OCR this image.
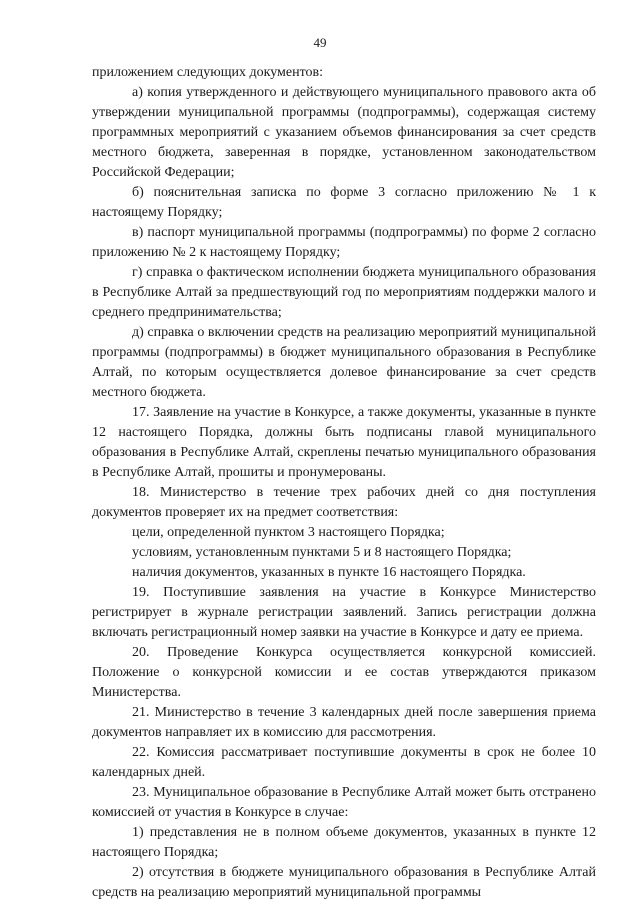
49

приложением следующих документов:

а) копия утвержденного и действующего муниципального правового акта об утверждении муниципальной программы (подпрограммы), содержащая систему программных мероприятий с указанием объемов финансирования за счет средств местного бюджета, заверенная в порядке, установленном законодательством Российской Федерации;

б) пояснительная записка по форме 3 согласно приложению № 1 к настоящему Порядку;

в) паспорт муниципальной программы (подпрограммы) по форме 2 согласно приложению № 2 к настоящему Порядку;

г) справка о фактическом исполнении бюджета муниципального образования в Республике Алтай за предшествующий год по мероприятиям поддержки малого и среднего предпринимательства;

д) справка о включении средств на реализацию мероприятий муниципальной программы (подпрограммы) в бюджет муниципального образования в Республике Алтай, по которым осуществляется долевое финансирование за счет средств местного бюджета.

17. Заявление на участие в Конкурсе, а также документы, указанные в пункте 12 настоящего Порядка, должны быть подписаны главой муниципального образования в Республике Алтай, скреплены печатью муниципального образования в Республике Алтай, прошиты и пронумерованы.

18. Министерство в течение трех рабочих дней со дня поступления документов проверяет их на предмет соответствия:

цели, определенной пунктом 3 настоящего Порядка;

условиям, установленным пунктами 5 и 8 настоящего Порядка;

наличия документов, указанных в пункте 16 настоящего Порядка.

19. Поступившие заявления на участие в Конкурсе Министерство регистрирует в журнале регистрации заявлений. Запись регистрации должна включать регистрационный номер заявки на участие в Конкурсе и дату ее приема.

20. Проведение Конкурса осуществляется конкурсной комиссией. Положение о конкурсной комиссии и ее состав утверждаются приказом Министерства.

21. Министерство в течение 3 календарных дней после завершения приема документов направляет их в комиссию для рассмотрения.

22. Комиссия рассматривает поступившие документы в срок не более 10 календарных дней.

23. Муниципальное образование в Республике Алтай может быть отстранено комиссией от участия в Конкурсе в случае:

1) представления не в полном объеме документов, указанных в пункте 12 настоящего Порядка;

2) отсутствия в бюджете муниципального образования в Республике Алтай средств на реализацию мероприятий муниципальной программы
